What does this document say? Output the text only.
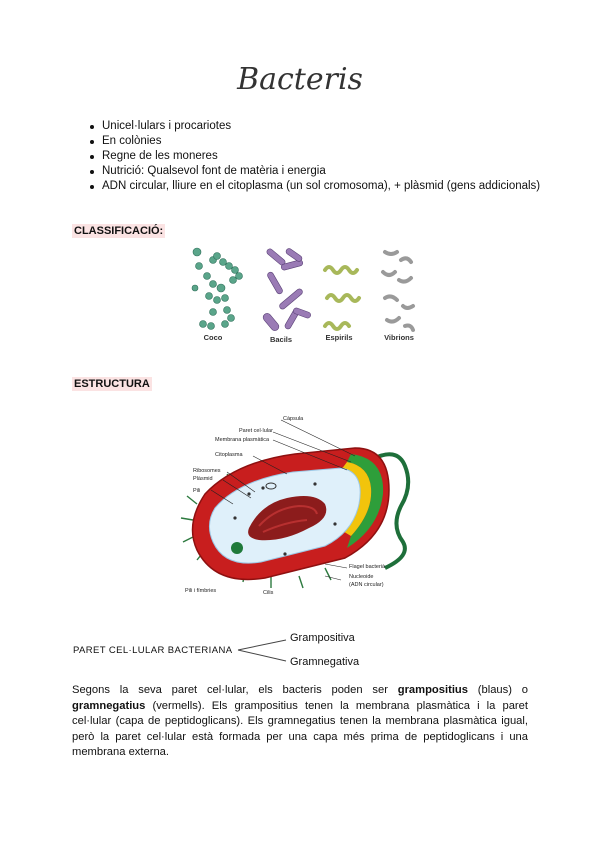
Bacteris
Unicel·lulars i procariotes
En colònies
Regne de les moneres
Nutrició: Qualsevol font de matèria i energia
ADN circular, lliure en el citoplasma (un sol cromosoma), + plàsmid (gens addicionals)
CLASSIFICACIÓ:
Coco	Bacils	Espirils	Vibrions
ESTRUCTURA
Càpsula
Paret cel·lular
Membrana plasmàtica
Citoplasma
Ribosomes
Plàsmid
Pili
Pili i fímbries	Cilis
Flagel bacterià
Nucleoide
(ADN circular)
PARET CEL·LULAR BACTERIANA
Grampositiva
Gramnegativa

Segons la seva paret cel·lular, els bacteris poden ser grampositius (blaus) o gramnegatius (vermells). Els grampositius tenen la membrana plasmàtica i la paret cel·lular (capa de peptidoglicans). Els gramnegatius tenen la membrana plasmàtica igual, però la paret cel·lular està formada per una capa més prima de peptidoglicans i una membrana externa.
